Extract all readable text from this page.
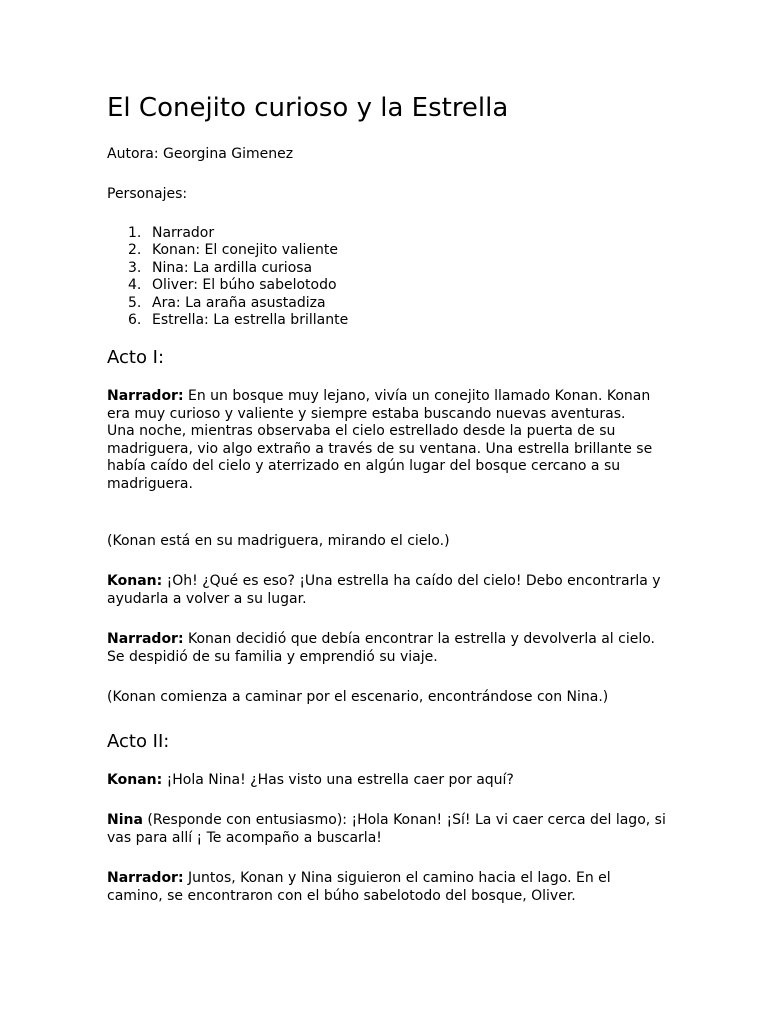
El Conejito curioso y la Estrella

Autora: Georgina Gimenez

Personajes:

1. Narrador
2. Konan: El conejito valiente
3. Nina: La ardilla curiosa
4. Oliver: El búho sabelotodo
5. Ara: La araña asustadiza
6. Estrella: La estrella brillante
Acto I:

Narrador: En un bosque muy lejano, vivía un conejito llamado Konan. Konan era muy curioso y valiente y siempre estaba buscando nuevas aventuras.
Una noche, mientras observaba el cielo estrellado desde la puerta de su madriguera, vio algo extraño a través de su ventana. Una estrella brillante se había caído del cielo y aterrizado en algún lugar del bosque cercano a su madriguera.

(Konan está en su madriguera, mirando el cielo.)

Konan: ¡Oh! ¿Qué es eso? ¡Una estrella ha caído del cielo! Debo encontrarla y ayudarla a volver a su lugar.

Narrador: Konan decidió que debía encontrar la estrella y devolverla al cielo. Se despidió de su familia y emprendió su viaje.

(Konan comienza a caminar por el escenario, encontrándose con Nina.)

Acto II:

Konan: ¡Hola Nina! ¿Has visto una estrella caer por aquí?

Nina (Responde con entusiasmo): ¡Hola Konan! ¡Sí! La vi caer cerca del lago, si vas para allí ¡ Te acompaño a buscarla!

Narrador: Juntos, Konan y Nina siguieron el camino hacia el lago. En el camino, se encontraron con el búho sabelotodo del bosque, Oliver.
